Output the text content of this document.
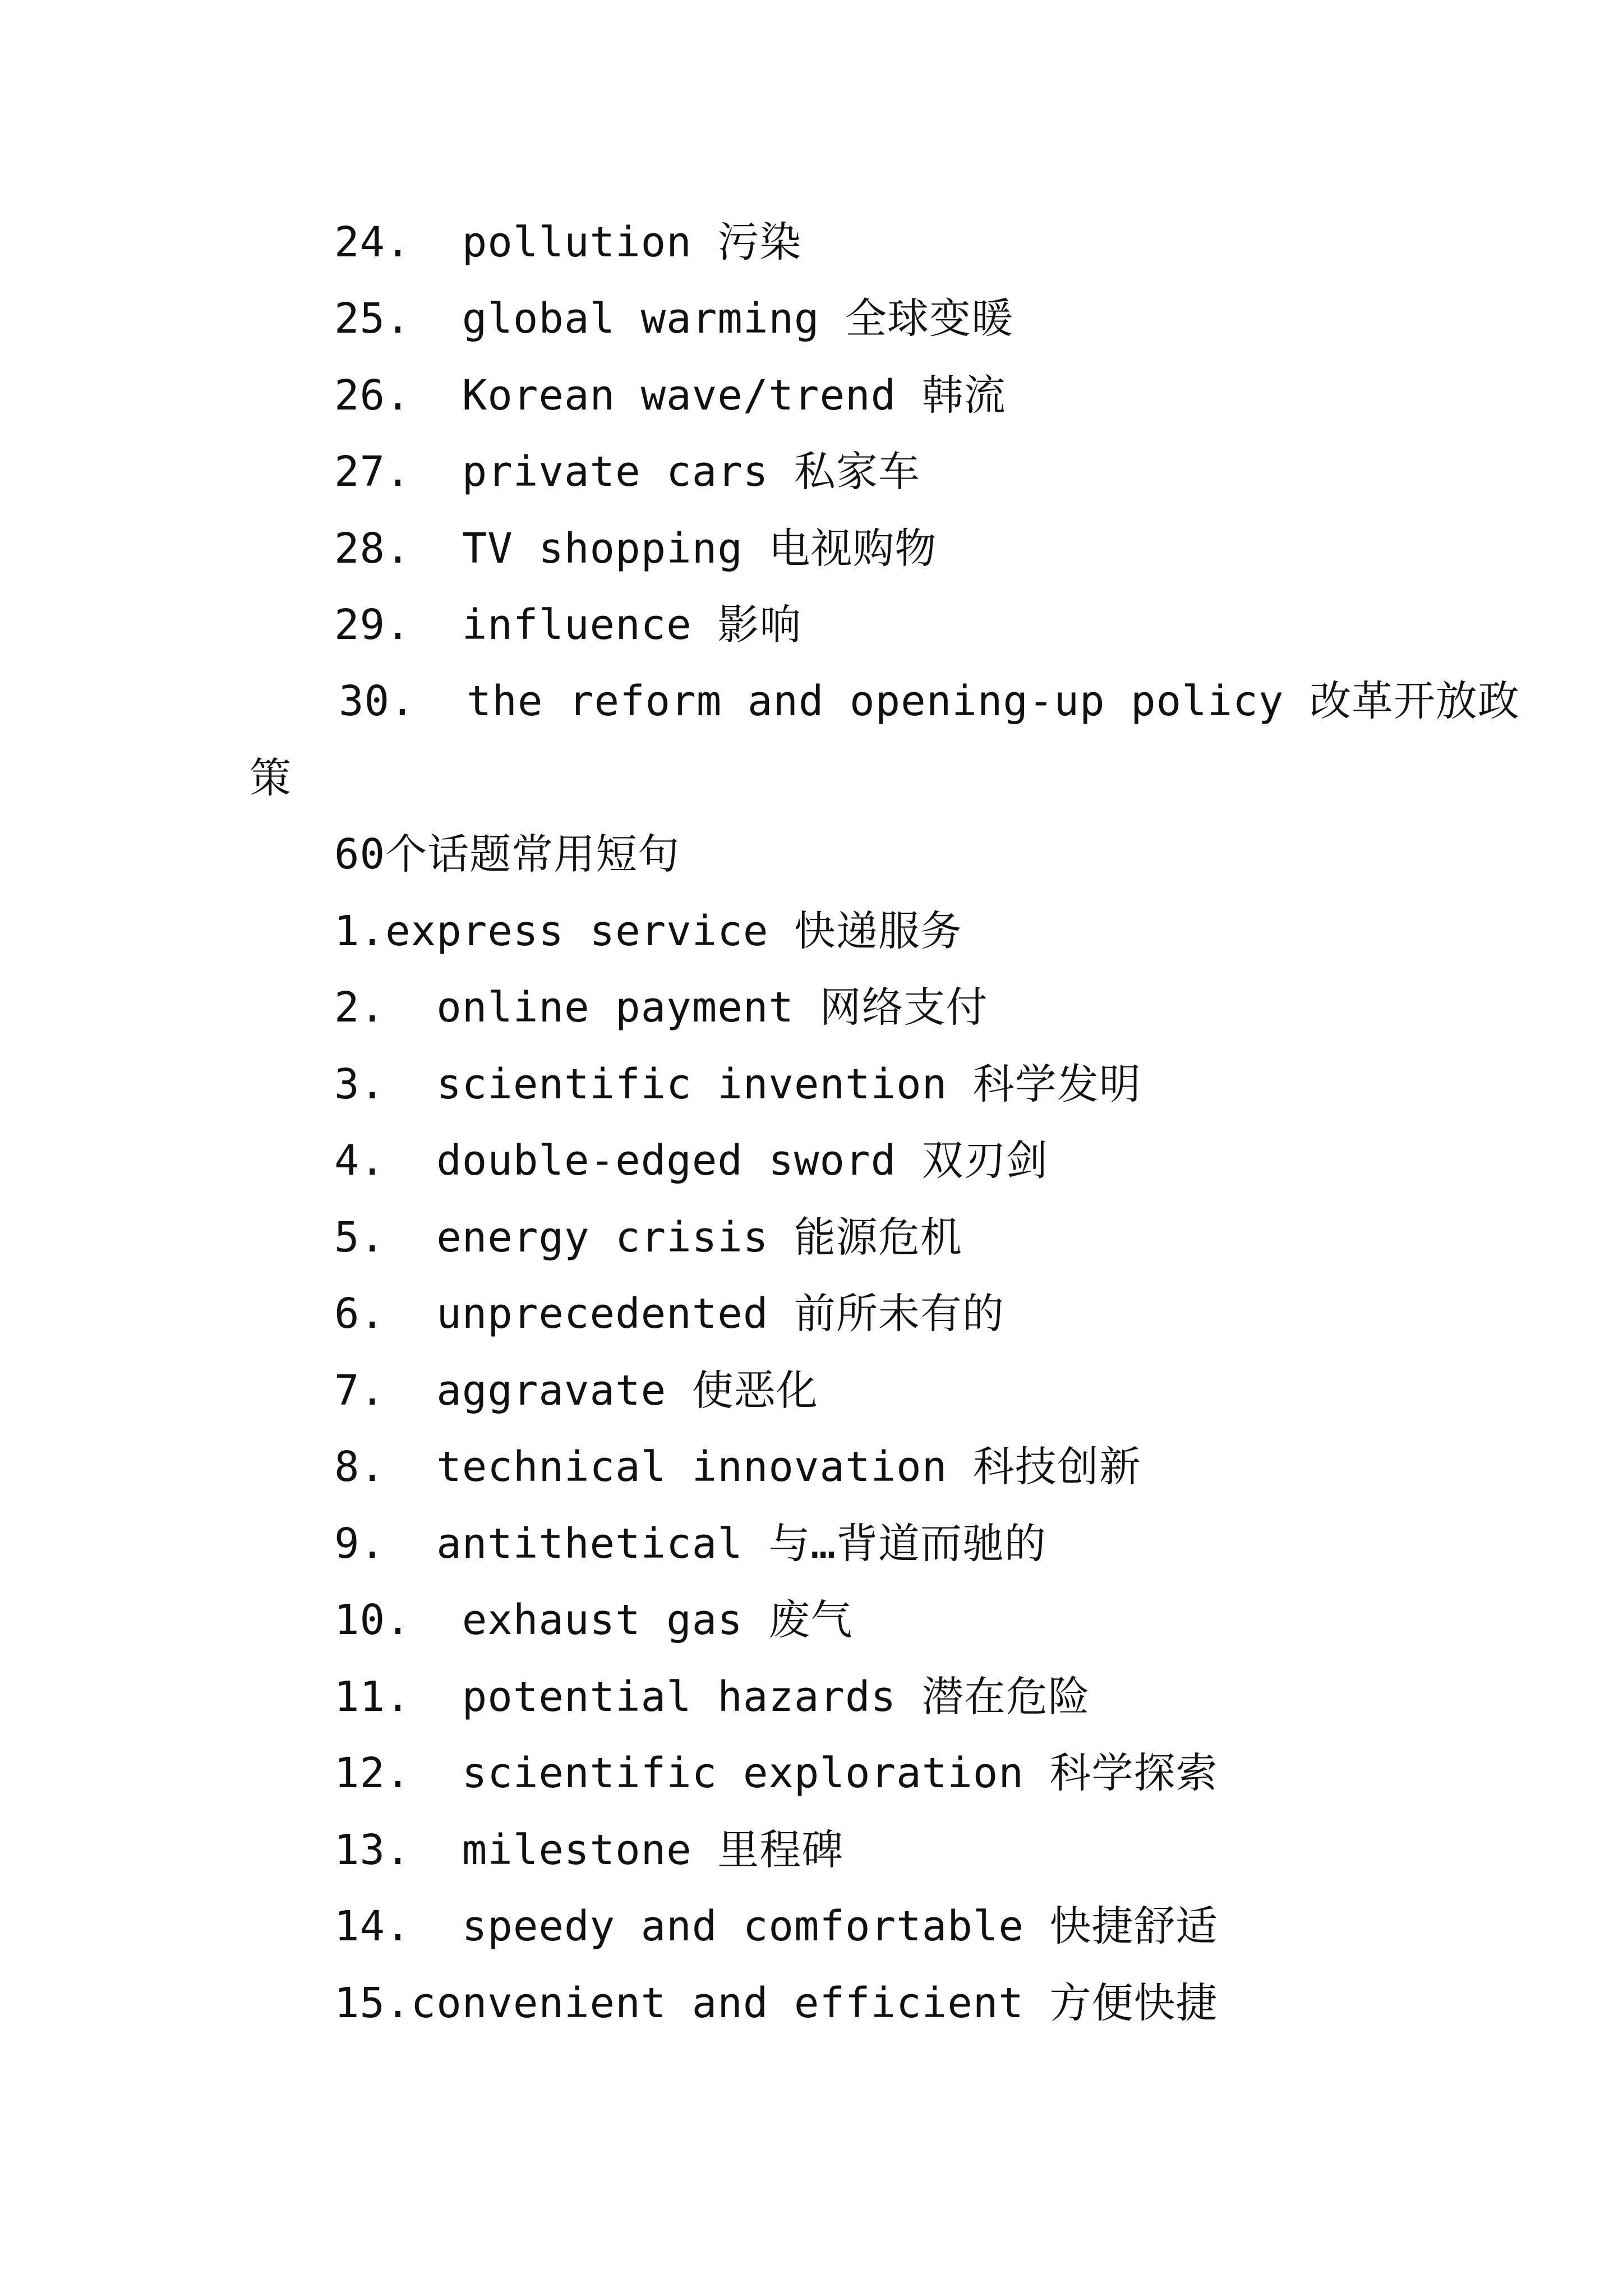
24.  pollution 污染
25.  global warming 全球变暖
26.  Korean wave/trend 韩流
27.  private cars 私家车
28.  TV shopping 电视购物
29.  influence 影响
30.  the reform and opening-up policy 改革开放政
策
60个话题常用短句
1.express service 快递服务
2.  online payment 网络支付
3.  scientific invention 科学发明
4.  double-edged sword 双刃剑
5.  energy crisis 能源危机
6.  unprecedented 前所未有的
7.  aggravate 使恶化
8.  technical innovation 科技创新
9.  antithetical 与…背道而驰的
10.  exhaust gas 废气
11.  potential hazards 潜在危险
12.  scientific exploration 科学探索
13.  milestone 里程碑
14.  speedy and comfortable 快捷舒适
15.convenient and efficient 方便快捷
